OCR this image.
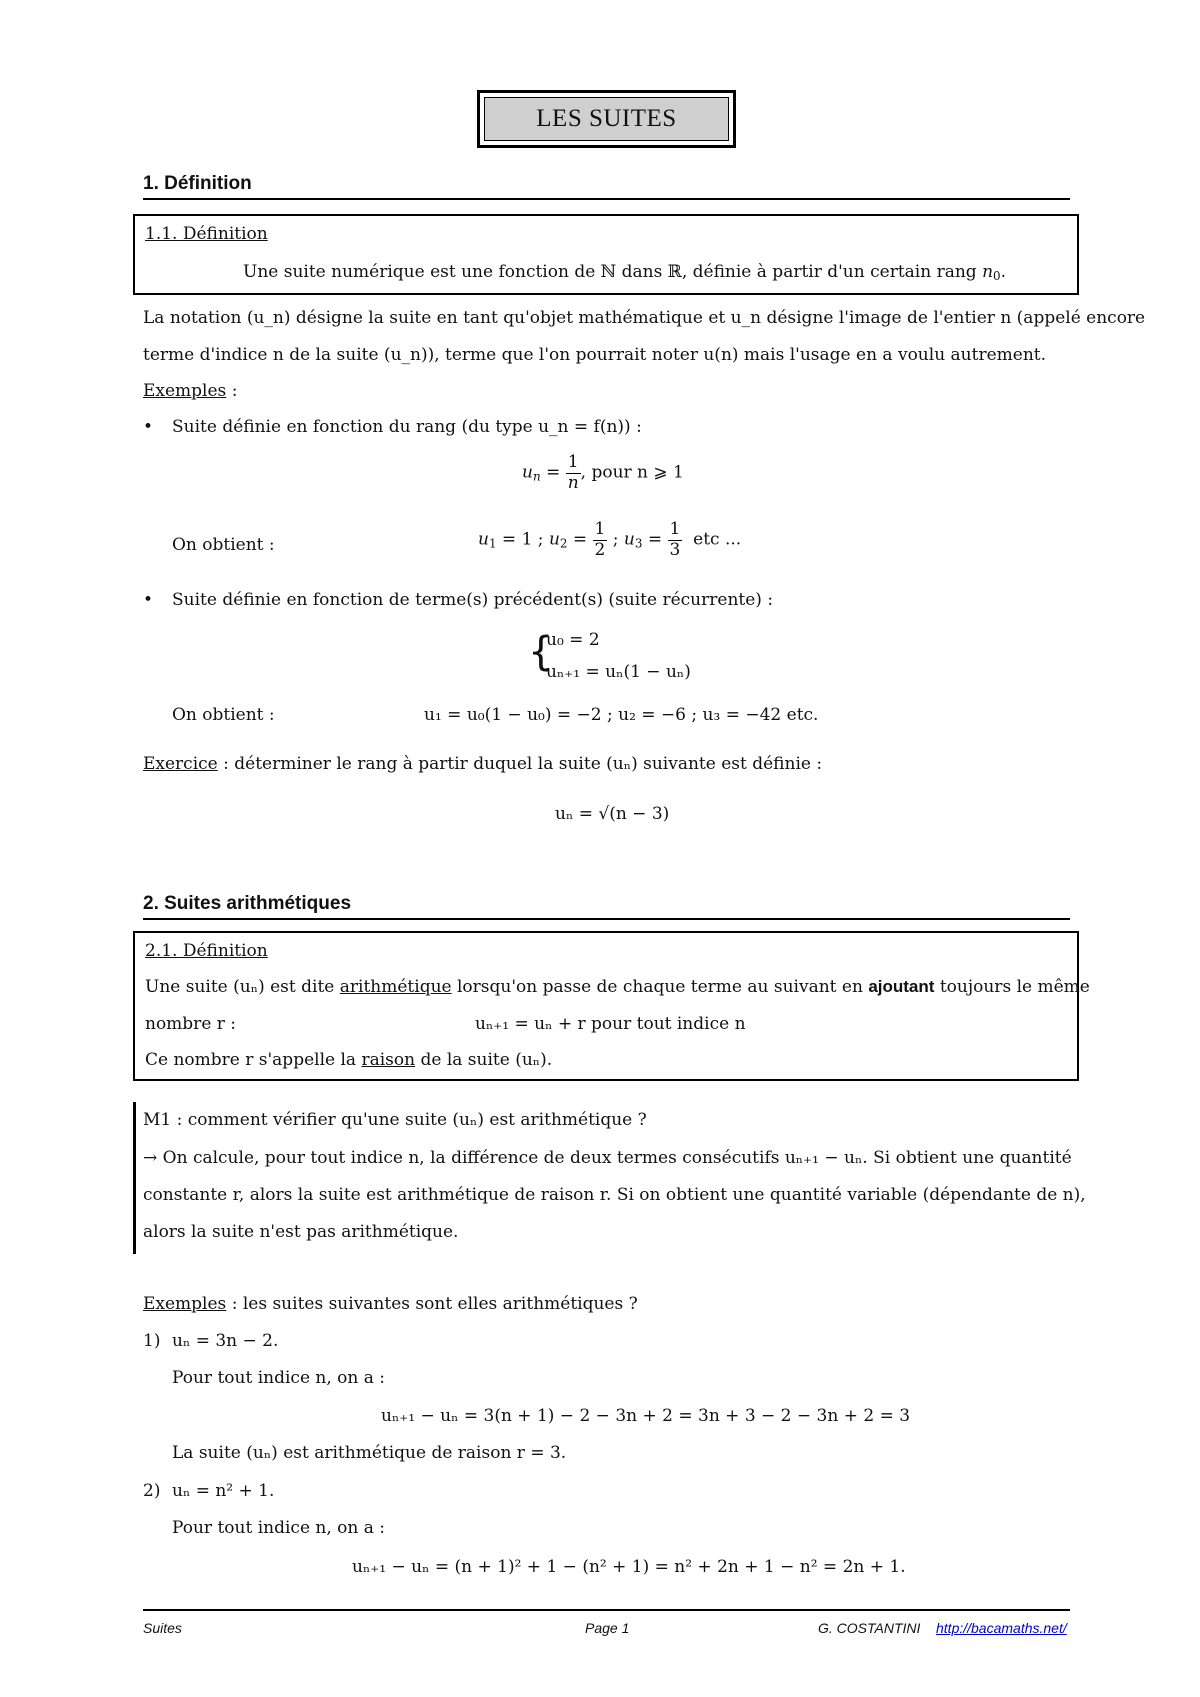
LES SUITES
1. Définition
1.1. Définition
Une suite numérique est une fonction de ℕ dans ℝ, définie à partir d'un certain rang $n_0$.
La notation (u_n) désigne la suite en tant qu'objet mathématique et u_n désigne l'image de l'entier n (appelé encore
terme d'indice n de la suite (u_n)), terme que l'on pourrait noter u(n) mais l'usage en a voulu autrement.
Exemples :
• Suite définie en fonction du rang (du type u_n = f(n)) :
$u_n = \frac{1}{n}$ , pour n ⩾ 1
On obtient :	$u_1 = 1$ ; $u_2 = \frac{1}{2}$ ; $u_3 = \frac{1}{3}$ etc ...
• Suite définie en fonction de terme(s) précédent(s) (suite récurrente) :
{
u₀ = 2
uₙ₊₁ = uₙ(1 − uₙ)
On obtient :	u₁ = u₀(1 − u₀) = −2 ; u₂ = −6 ; u₃ = −42 etc.
Exercice : déterminer le rang à partir duquel la suite (uₙ) suivante est définie :
uₙ = √(n − 3)
2. Suites arithmétiques
2.1. Définition
Une suite (uₙ) est dite arithmétique lorsqu'on passe de chaque terme au suivant en ajoutant toujours le même
nombre r :	uₙ₊₁ = uₙ + r pour tout indice n
Ce nombre r s'appelle la raison de la suite (uₙ).
M1 : comment vérifier qu'une suite (uₙ) est arithmétique ?
→ On calcule, pour tout indice n, la différence de deux termes consécutifs uₙ₊₁ − uₙ. Si obtient une quantité
constante r, alors la suite est arithmétique de raison r. Si on obtient une quantité variable (dépendante de n),
alors la suite n'est pas arithmétique.
Exemples : les suites suivantes sont elles arithmétiques ?
1) uₙ = 3n − 2.
Pour tout indice n, on a :
uₙ₊₁ − uₙ = 3(n + 1) − 2 − 3n + 2 = 3n + 3 − 2 − 3n + 2 = 3
La suite (uₙ) est arithmétique de raison r = 3.
2) uₙ = n² + 1.
Pour tout indice n, on a :
uₙ₊₁ − uₙ = (n + 1)² + 1 − (n² + 1) = n² + 2n + 1 − n² = 2n + 1.
Suites	Page 1	G. COSTANTINI http://bacamaths.net/
